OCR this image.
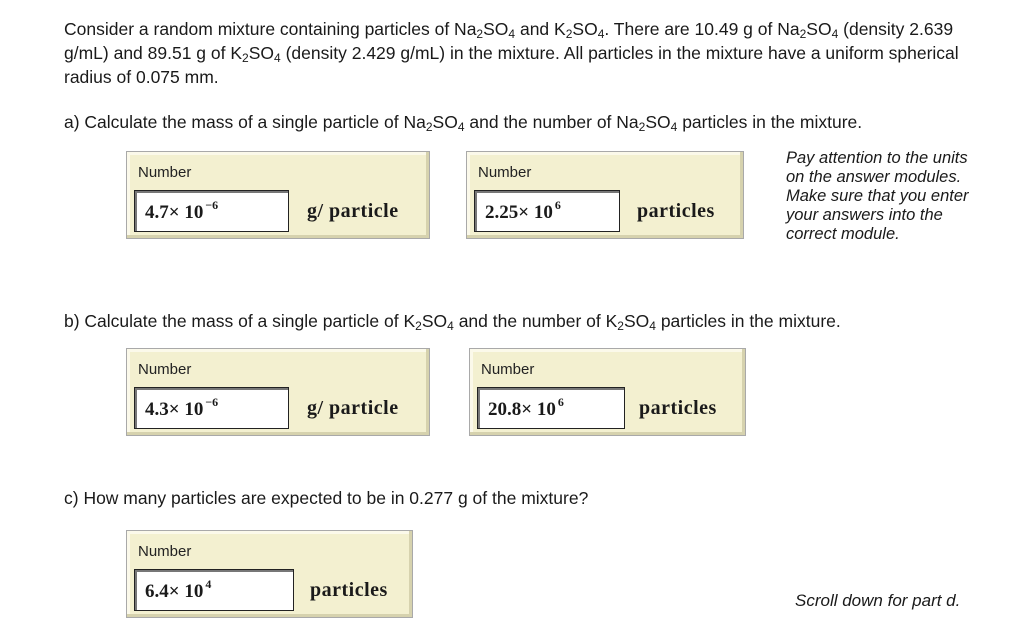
Consider a random mixture containing particles of $Na_2SO_4$ and $K_2SO_4$. There are 10.49 g of $Na_2SO_4$ (density 2.639 g/mL) and 89.51 g of $K_2SO_4$ (density 2.429 g/mL) in the mixture. All particles in the mixture have a uniform spherical radius of 0.075 mm.

a) Calculate the mass of a single particle of $Na_2SO_4$ and the number of $Na_2SO_4$ particles in the mixture.

Number
4.7× 10 $^{-6}$	g/ particle
Number
2.25× 10 $^6$	particles
Pay attention to the units
on the answer modules.
Make sure that you enter
your answers into the
correct module.

b) Calculate the mass of a single particle of $K_2SO_4$ and the number of $K_2SO_4$ particles in the mixture.

Number
4.3× 10 $^{-6}$	g/ particle
Number
20.8× 10 $^6$	particles

c) How many particles are expected to be in 0.277 g of the mixture?

Number
6.4× 10 $^4$	particles	Scroll down for part d.
